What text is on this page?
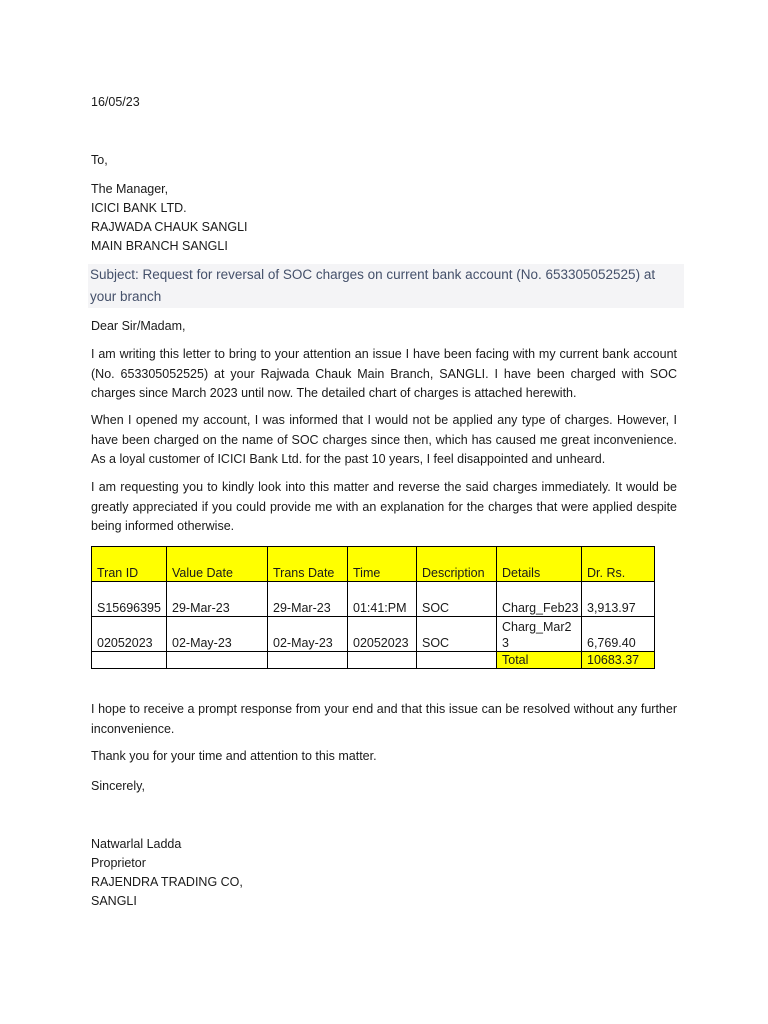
16/05/23
To,
The Manager,
ICICI BANK LTD.
RAJWADA CHAUK SANGLI
MAIN BRANCH SANGLI
Subject: Request for reversal of SOC charges on current bank account (No. 653305052525) at your branch
Dear Sir/Madam,
I am writing this letter to bring to your attention an issue I have been facing with my current bank account (No. 653305052525) at your Rajwada Chauk Main Branch, SANGLI. I have been charged with SOC charges since March 2023 until now. The detailed chart of charges is attached herewith.
When I opened my account, I was informed that I would not be applied any type of charges. However, I have been charged on the name of SOC charges since then, which has caused me great inconvenience. As a loyal customer of ICICI Bank Ltd. for the past 10 years, I feel disappointed and unheard.
I am requesting you to kindly look into this matter and reverse the said charges immediately. It would be greatly appreciated if you could provide me with an explanation for the charges that were applied despite being informed otherwise.
Tran ID	Value Date	Trans Date	Time	Description	Details	Dr. Rs.
S15696395	29-Mar-23	29-Mar-23	01:41:PM	SOC	Charg_Feb23	3,913.97
02052023	02-May-23	02-May-23	02052023	SOC	Charg_Mar23	6,769.40
					Total	10683.37
I hope to receive a prompt response from your end and that this issue can be resolved without any further inconvenience.
Thank you for your time and attention to this matter.
Sincerely,
Natwarlal Ladda
Proprietor
RAJENDRA TRADING CO,
SANGLI
